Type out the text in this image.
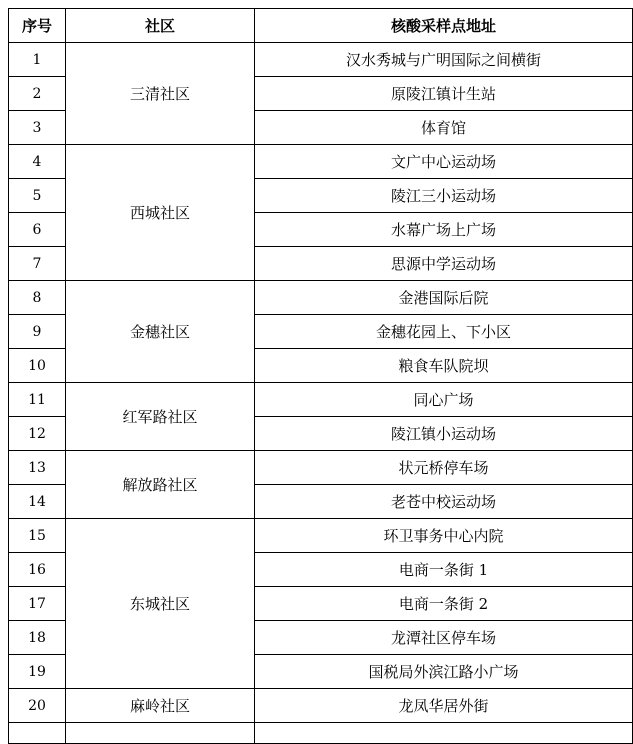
序号	社区	核酸采样点地址
1	三清社区	汉水秀城与广明国际之间横街
2		原陵江镇计生站
3		体育馆
4	西城社区	文广中心运动场
5		陵江三小运动场
6		水幕广场上广场
7		思源中学运动场
8	金穗社区	金港国际后院
9		金穗花园上、下小区
10		粮食车队院坝
11	红军路社区	同心广场
12		陵江镇小运动场
13	解放路社区	状元桥停车场
14		老苍中校运动场
15	东城社区	环卫事务中心内院
16		电商一条街 1
17		电商一条街 2
18		龙潭社区停车场
19		国税局外滨江路小广场
20	麻岭社区	龙凤华居外街
